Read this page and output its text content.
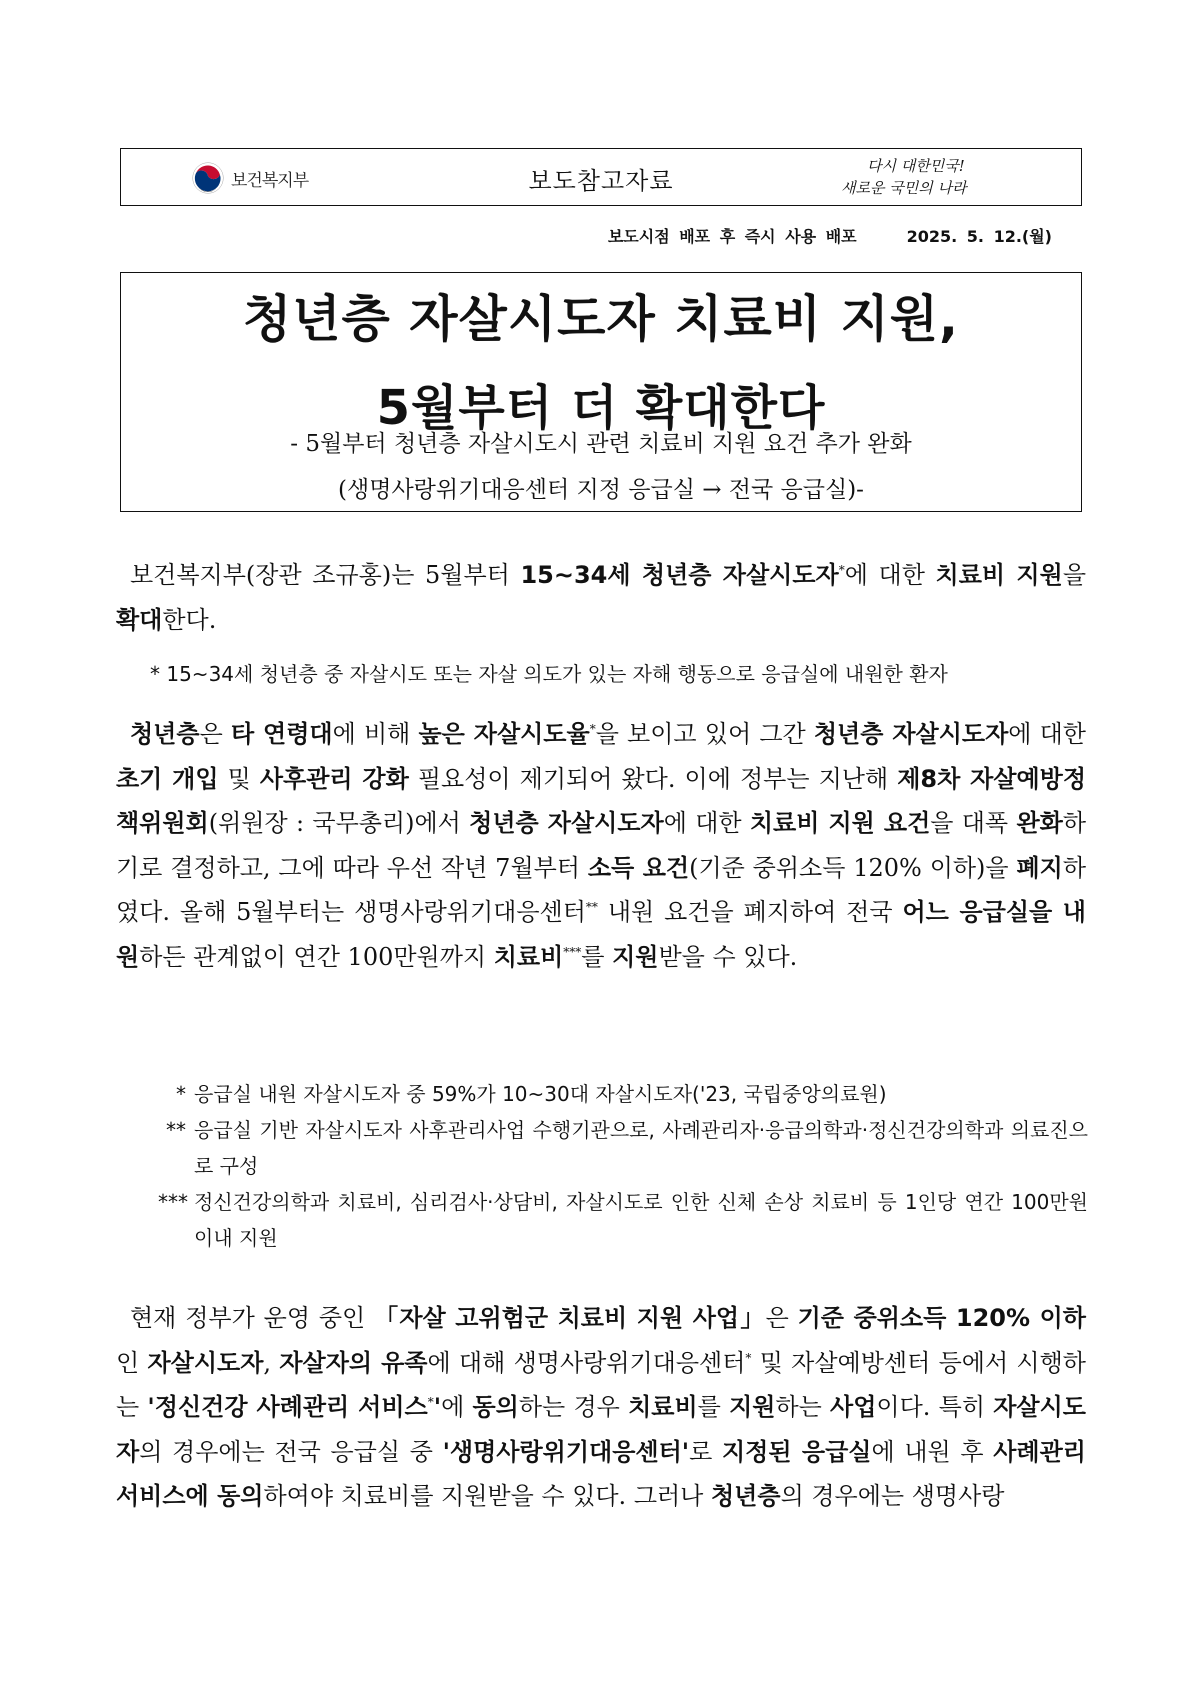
보건복지부	보도참고자료
다시 대한민국!
새로운 국민의 나라
보도시점 배포 후 즉시 사용 배포	2025. 5. 12.(월)
청년층 자살시도자 치료비 지원,
5월부터 더 확대한다
- 5월부터 청년층 자살시도시 관련 치료비 지원 요건 추가 완화
(생명사랑위기대응센터 지정 응급실 → 전국 응급실)-
보건복지부(장관 조규홍)는 5월부터 15~34세 청년층 자살시도자*에 대한 치료비 지원을 확대한다.
* 15~34세 청년층 중 자살시도 또는 자살 의도가 있는 자해 행동으로 응급실에 내원한 환자
청년층은 타 연령대에 비해 높은 자살시도율*을 보이고 있어 그간 청년층 자살시도자에 대한 초기 개입 및 사후관리 강화 필요성이 제기되어 왔다. 이에 정부는 지난해 제8차 자살예방정책위원회(위원장 : 국무총리)에서 청년층 자살시도자에 대한 치료비 지원 요건을 대폭 완화하기로 결정하고, 그에 따라 우선 작년 7월부터 소득 요건(기준 중위소득 120% 이하)을 폐지하였다. 올해 5월부터는 생명사랑위기대응센터** 내원 요건을 폐지하여 전국 어느 응급실을 내원하든 관계없이 연간 100만원까지 치료비***를 지원받을 수 있다.
* 응급실 내원 자살시도자 중 59%가 10~30대 자살시도자('23, 국립중앙의료원)
** 응급실 기반 자살시도자 사후관리사업 수행기관으로, 사례관리자·응급의학과·정신건강의학과 의료진으로 구성
*** 정신건강의학과 치료비, 심리검사·상담비, 자살시도로 인한 신체 손상 치료비 등 1인당 연간 100만원 이내 지원
현재 정부가 운영 중인 「자살 고위험군 치료비 지원 사업」은 기준 중위소득 120% 이하인 자살시도자, 자살자의 유족에 대해 생명사랑위기대응센터* 및 자살예방센터 등에서 시행하는 '정신건강 사례관리 서비스*'에 동의하는 경우 치료비를 지원하는 사업이다. 특히 자살시도자의 경우에는 전국 응급실 중 '생명사랑위기대응센터'로 지정된 응급실에 내원 후 사례관리 서비스에 동의하여야 치료비를 지원받을 수 있다. 그러나 청년층의 경우에는 생명사랑
